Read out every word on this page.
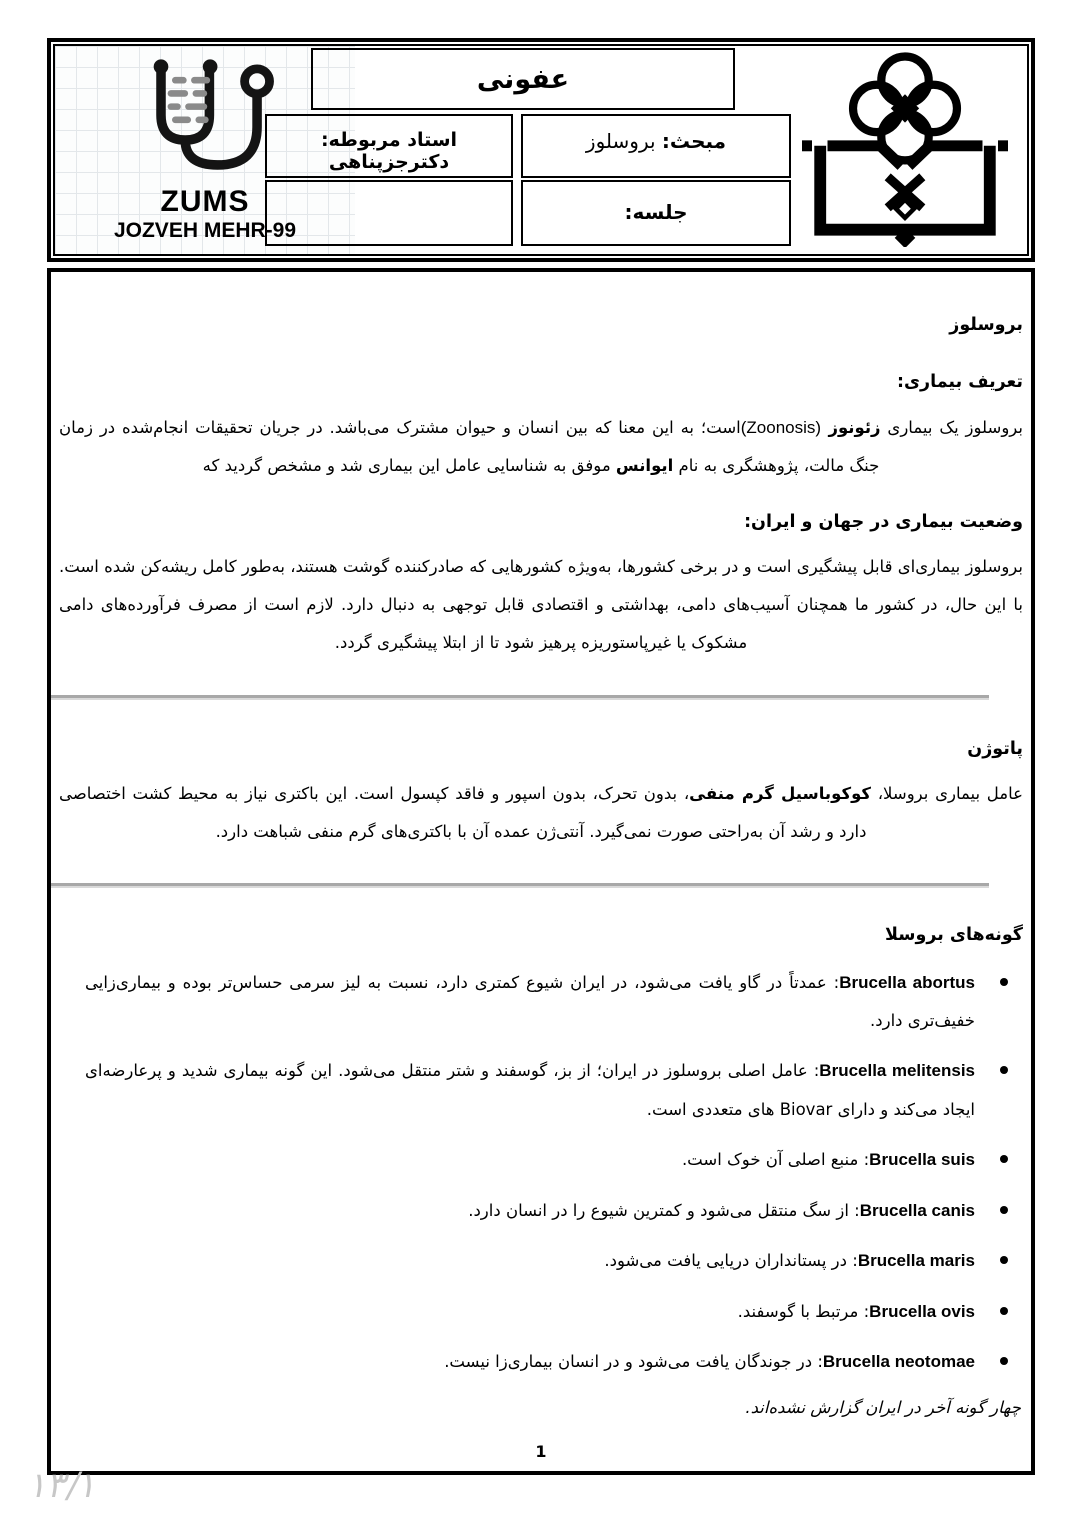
ZUMS
JOZVEH MEHR-99
عفونی
مبحث: بروسلوز
استاد مربوطه: دکترجزپناهی
جلسه:
بروسلوز
تعریف بیماری:

بروسلوز یک بیماری زئونوز (Zoonosis)است؛ به این معنا که بین انسان و حیوان مشترک می‌باشد. در جریان تحقیقات انجام‌شده در زمان جنگ مالت، پژوهشگری به نام ایوانس موفق به شناسایی عامل این بیماری شد و مشخص گردید که

وضعیت بیماری در جهان و ایران:

بروسلوز بیماری‌ای قابل پیشگیری است و در برخی کشورها، به‌ویژه کشورهایی که صادرکننده گوشت هستند، به‌طور کامل ریشه‌کن شده است. با این حال، در کشور ما همچنان آسیب‌های دامی، بهداشتی و اقتصادی قابل توجهی به دنبال دارد. لازم است از مصرف فرآورده‌های دامی مشکوک یا غیرپاستوریزه پرهیز شود تا از ابتلا پیشگیری گردد.

پاتوژن

عامل بیماری بروسلا، کوکوباسیل گرم منفی، بدون تحرک، بدون اسپور و فاقد کپسول است. این باکتری نیاز به محیط کشت اختصاصی دارد و رشد آن به‌راحتی صورت نمی‌گیرد. آنتی‌ژن عمده آن با باکتری‌های گرم منفی شباهت دارد.

گونه‌های بروسلا
Brucella abortus: عمدتاً در گاو یافت می‌شود، در ایران شیوع کمتری دارد، نسبت به لیز سرمی حساس‌تر بوده و بیماری‌زایی خفیف‌تری دارد.
Brucella melitensis: عامل اصلی بروسلوز در ایران؛ از بز، گوسفند و شتر منتقل می‌شود. این گونه بیماری شدید و پرعارضه‌ای ایجاد می‌کند و دارای Biovar های متعددی است.
Brucella suis: منبع اصلی آن خوک است.
Brucella canis: از سگ منتقل می‌شود و کمترین شیوع را در انسان دارد.
Brucella maris: در پستانداران دریایی یافت می‌شود.
Brucella ovis: مرتبط با گوسفند.
Brucella neotomae: در جوندگان یافت می‌شود و در انسان بیماری‌زا نیست.

چهار گونه آخر در ایران گزارش نشده‌اند.

1
۱۳/۱
